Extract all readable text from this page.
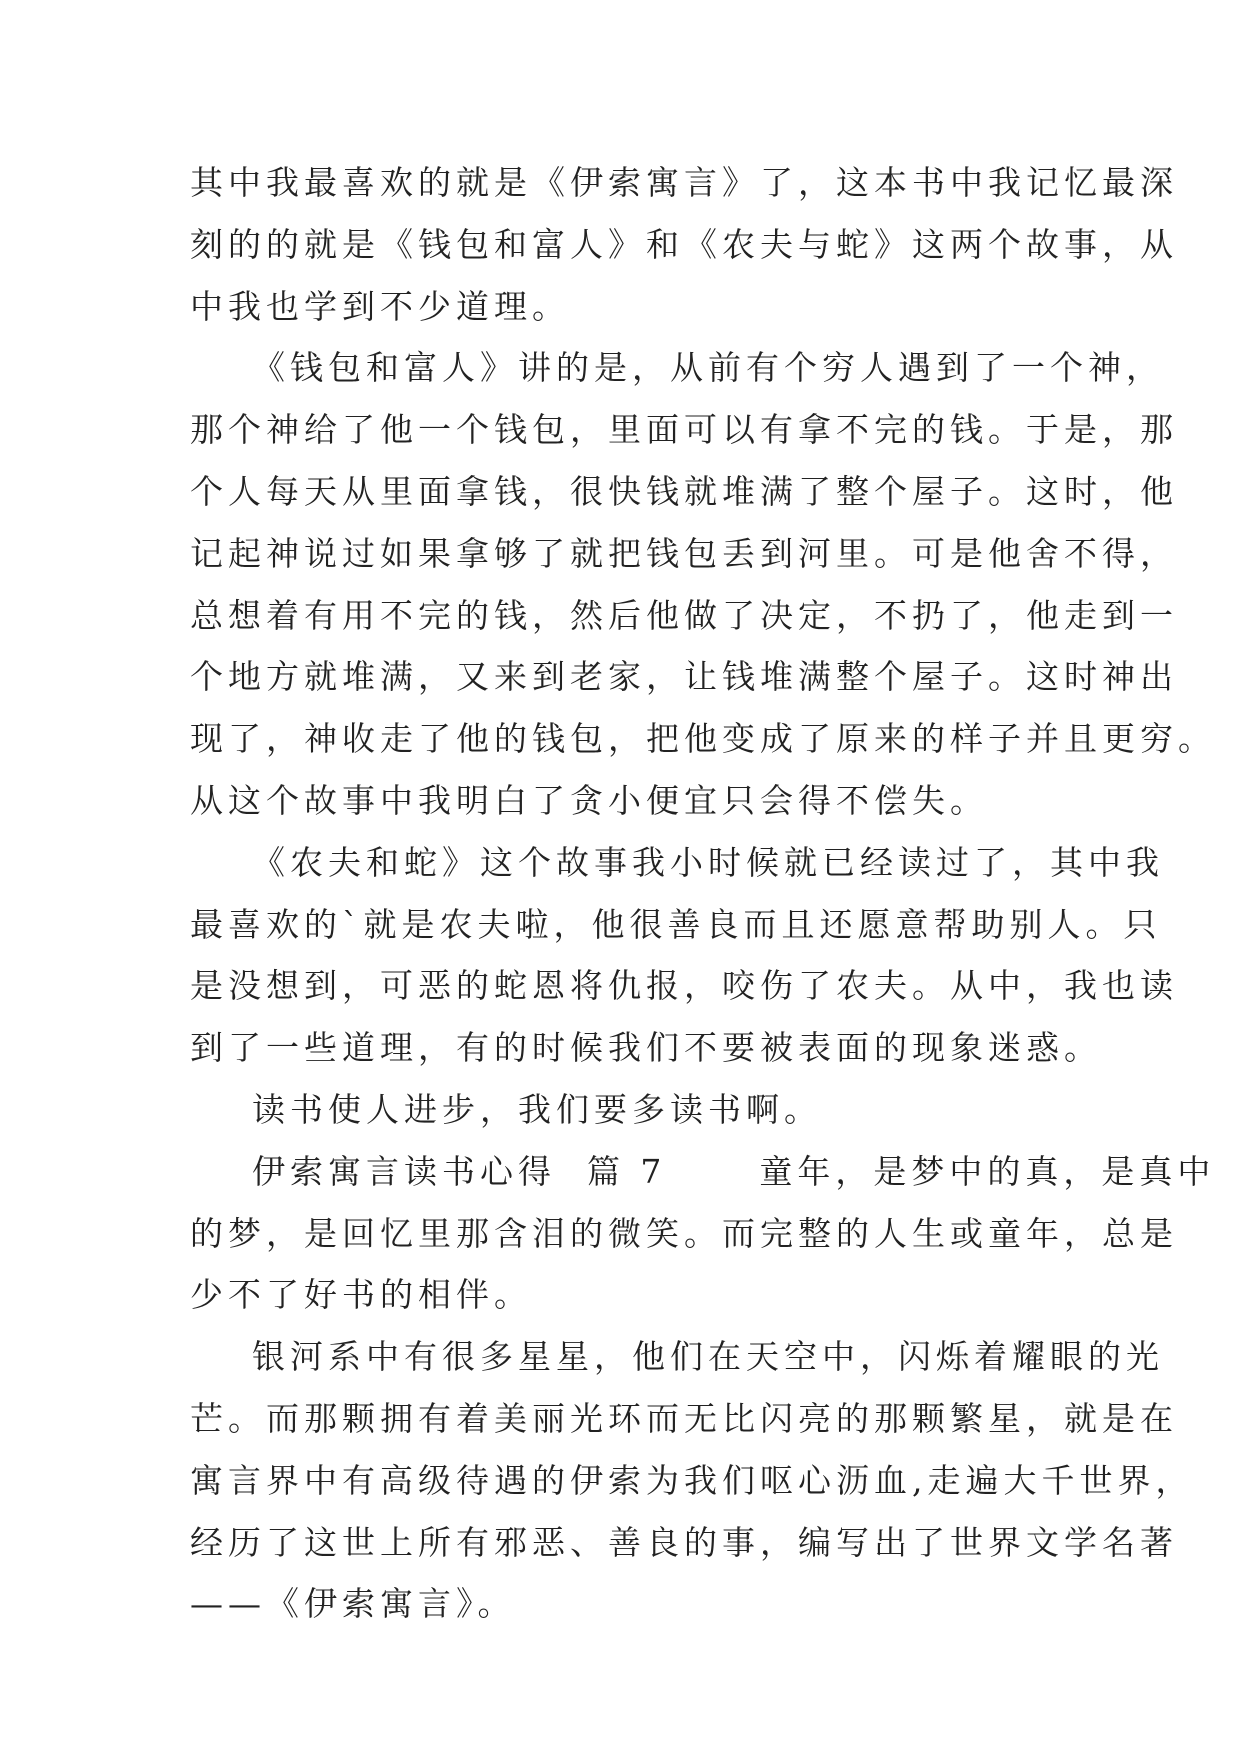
其中我最喜欢的就是《伊索寓言》了，这本书中我记忆最深
刻的的就是《钱包和富人》和《农夫与蛇》这两个故事，从
中我也学到不少道理。
《钱包和富人》讲的是，从前有个穷人遇到了一个神，
那个神给了他一个钱包，里面可以有拿不完的钱。于是，那
个人每天从里面拿钱，很快钱就堆满了整个屋子。这时，他
记起神说过如果拿够了就把钱包丢到河里。可是他舍不得，
总想着有用不完的钱，然后他做了决定，不扔了，他走到一
个地方就堆满，又来到老家，让钱堆满整个屋子。这时神出
现了，神收走了他的钱包，把他变成了原来的样子并且更穷。
从这个故事中我明白了贪小便宜只会得不偿失。
《农夫和蛇》这个故事我小时候就已经读过了，其中我
最喜欢的`就是农夫啦，他很善良而且还愿意帮助别人。只
是没想到，可恶的蛇恩将仇报，咬伤了农夫。从中，我也读
到了一些道理，有的时候我们不要被表面的现象迷惑。
读书使人进步，我们要多读书啊。
伊索寓言读书心得  篇 7      童年，是梦中的真，是真中
的梦，是回忆里那含泪的微笑。而完整的人生或童年，总是
少不了好书的相伴。
银河系中有很多星星，他们在天空中，闪烁着耀眼的光
芒。而那颗拥有着美丽光环而无比闪亮的那颗繁星，就是在
寓言界中有高级待遇的伊索为我们呕心沥血,走遍大千世界，
经历了这世上所有邪恶、善良的事，编写出了世界文学名著
——《伊索寓言》。
